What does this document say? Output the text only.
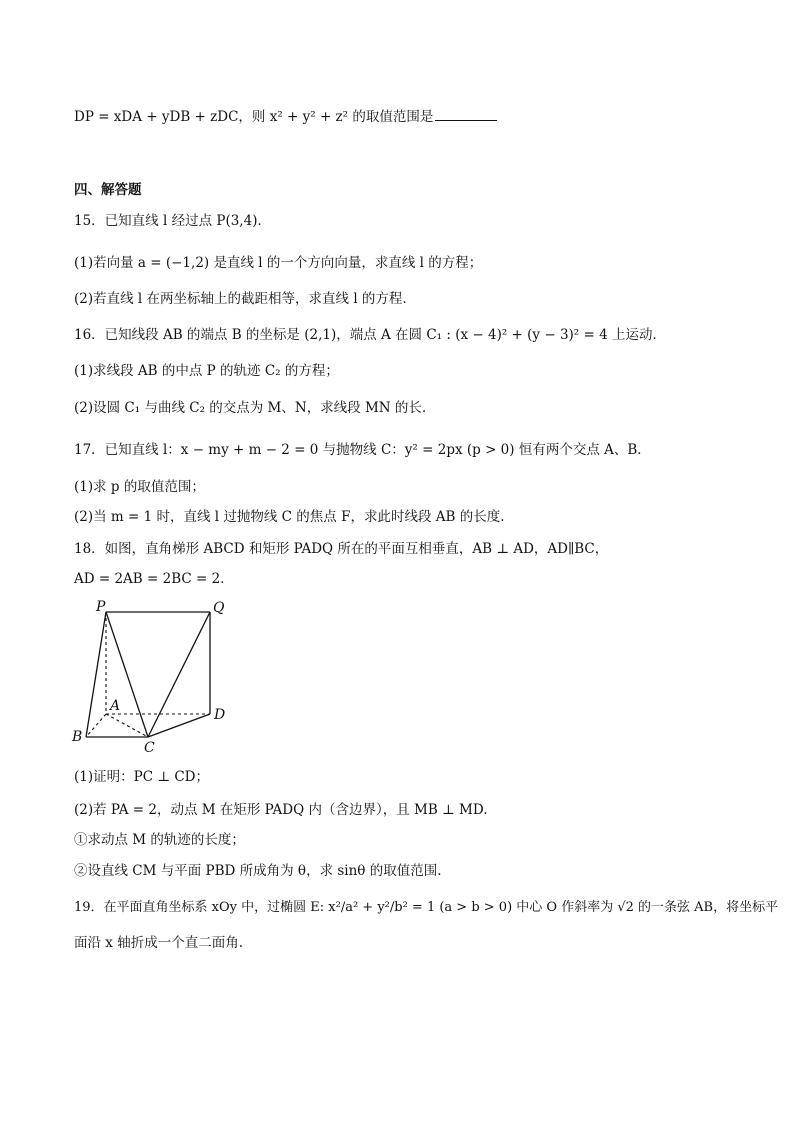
DP = xDA + yDB + zDC，则 x² + y² + z² 的取值范围是
四、解答题
15．已知直线 l 经过点 P(3,4)．
(1)若向量 a = (−1,2) 是直线 l 的一个方向向量，求直线 l 的方程；
(2)若直线 l 在两坐标轴上的截距相等，求直线 l 的方程.
16．已知线段 AB 的端点 B 的坐标是 (2,1)，端点 A 在圆 C₁ : (x − 4)² + (y − 3)² = 4 上运动．
(1)求线段 AB 的中点 P 的轨迹 C₂ 的方程；
(2)设圆 C₁ 与曲线 C₂ 的交点为 M、N，求线段 MN 的长.
17．已知直线 l：x − my + m − 2 = 0 与抛物线 C：y² = 2px (p > 0) 恒有两个交点 A、B．
(1)求 p 的取值范围；
(2)当 m = 1 时，直线 l 过抛物线 C 的焦点 F，求此时线段 AB 的长度.
18．如图，直角梯形 ABCD 和矩形 PADQ 所在的平面互相垂直，AB ⊥ AD，AD∥BC，
AD = 2AB = 2BC = 2．
P	Q
A
B
C
D
(1)证明：PC ⊥ CD；
(2)若 PA = 2，动点 M 在矩形 PADQ 内（含边界），且 MB ⊥ MD.
①求动点 M 的轨迹的长度；
②设直线 CM 与平面 PBD 所成角为 θ，求 sinθ 的取值范围.
19．在平面直角坐标系 xOy 中，过椭圆 E: x²/a² + y²/b² = 1 (a > b > 0) 中心 O 作斜率为 √2 的一条弦 AB，将坐标平
面沿 x 轴折成一个直二面角.
